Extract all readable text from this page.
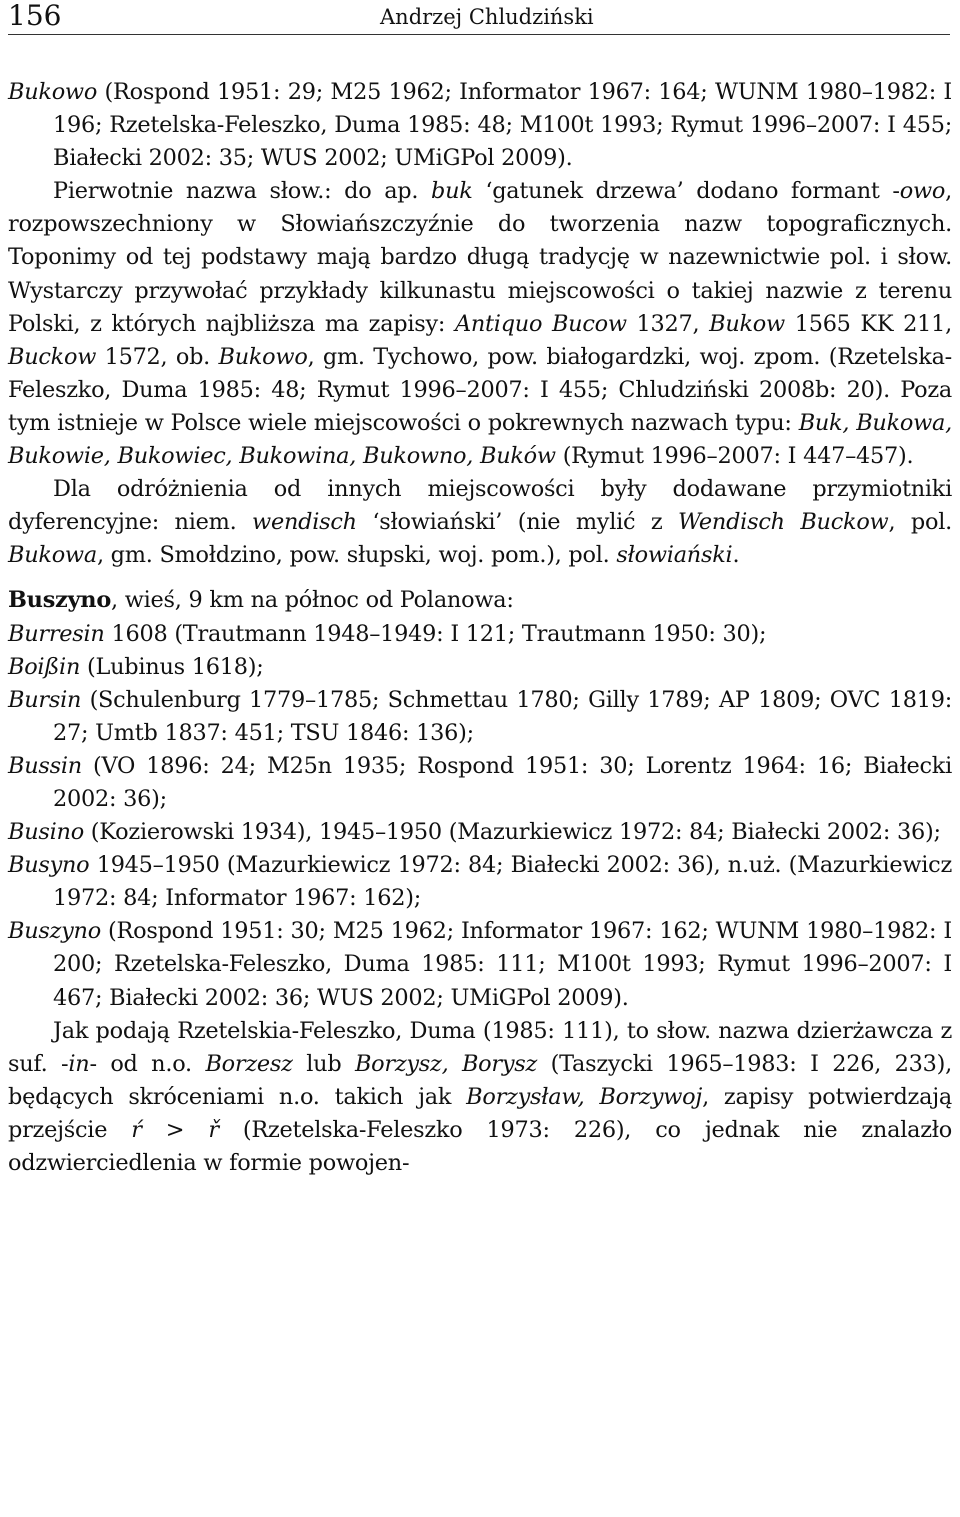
156	Andrzej Chludziński

Bukowo (Rospond 1951: 29; M25 1962; Informator 1967: 164; WUNM 1980–1982: I 196; Rzetelska-Feleszko, Duma 1985: 48; M100t 1993; Rymut 1996–2007: I 455; Białecki 2002: 35; WUS 2002; UMiGPol 2009).

Pierwotnie nazwa słow.: do ap. buk ‘gatunek drzewa’ dodano formant -owo, rozpowszechniony w Słowiańszczyźnie do tworzenia nazw topograficznych. Toponimy od tej podstawy mają bardzo długą tradycję w nazewnictwie pol. i słow. Wystarczy przywołać przykłady kilkunastu miejscowości o takiej nazwie z terenu Polski, z których najbliższa ma zapisy: Antiquo Bucow 1327, Bukow 1565 KK 211, Buckow 1572, ob. Bukowo, gm. Tychowo, pow. białogardzki, woj. zpom. (Rzetelska-Feleszko, Duma 1985: 48; Rymut 1996–2007: I 455; Chludziński 2008b: 20). Poza tym istnieje w Polsce wiele miejscowości o pokrewnych nazwach typu: Buk, Bukowa, Bukowie, Bukowiec, Bukowina, Bukowno, Buków (Rymut 1996–2007: I 447–457).

Dla odróżnienia od innych miejscowości były dodawane przymiotniki dyferencyjne: niem. wendisch ‘słowiański’ (nie mylić z Wendisch Buckow, pol. Bukowa, gm. Smołdzino, pow. słupski, woj. pom.), pol. słowiański.

Buszyno, wieś, 9 km na północ od Polanowa:

Burresin 1608 (Trautmann 1948–1949: I 121; Trautmann 1950: 30);

Boißin (Lubinus 1618);

Bursin (Schulenburg 1779–1785; Schmettau 1780; Gilly 1789; AP 1809; OVC 1819: 27; Umtb 1837: 451; TSU 1846: 136);

Bussin (VO 1896: 24; M25n 1935; Rospond 1951: 30; Lorentz 1964: 16; Białecki 2002: 36);

Busino (Kozierowski 1934), 1945–1950 (Mazurkiewicz 1972: 84; Białecki 2002: 36);

Busyno 1945–1950 (Mazurkiewicz 1972: 84; Białecki 2002: 36), n.uż. (Mazurkiewicz 1972: 84; Informator 1967: 162);

Buszyno (Rospond 1951: 30; M25 1962; Informator 1967: 162; WUNM 1980–1982: I 200; Rzetelska-Feleszko, Duma 1985: 111; M100t 1993; Rymut 1996–2007: I 467; Białecki 2002: 36; WUS 2002; UMiGPol 2009).

Jak podają Rzetelskia-Feleszko, Duma (1985: 111), to słow. nazwa dzierżawcza z suf. -in- od n.o. Borzesz lub Borzysz, Borysz (Taszycki 1965–1983: I 226, 233), będących skróceniami n.o. takich jak Borzysław, Borzywoj, zapisy potwierdzają przejście ŕ > ř (Rzetelska-Feleszko 1973: 226), co jednak nie znalazło odzwierciedlenia w formie powojen-
